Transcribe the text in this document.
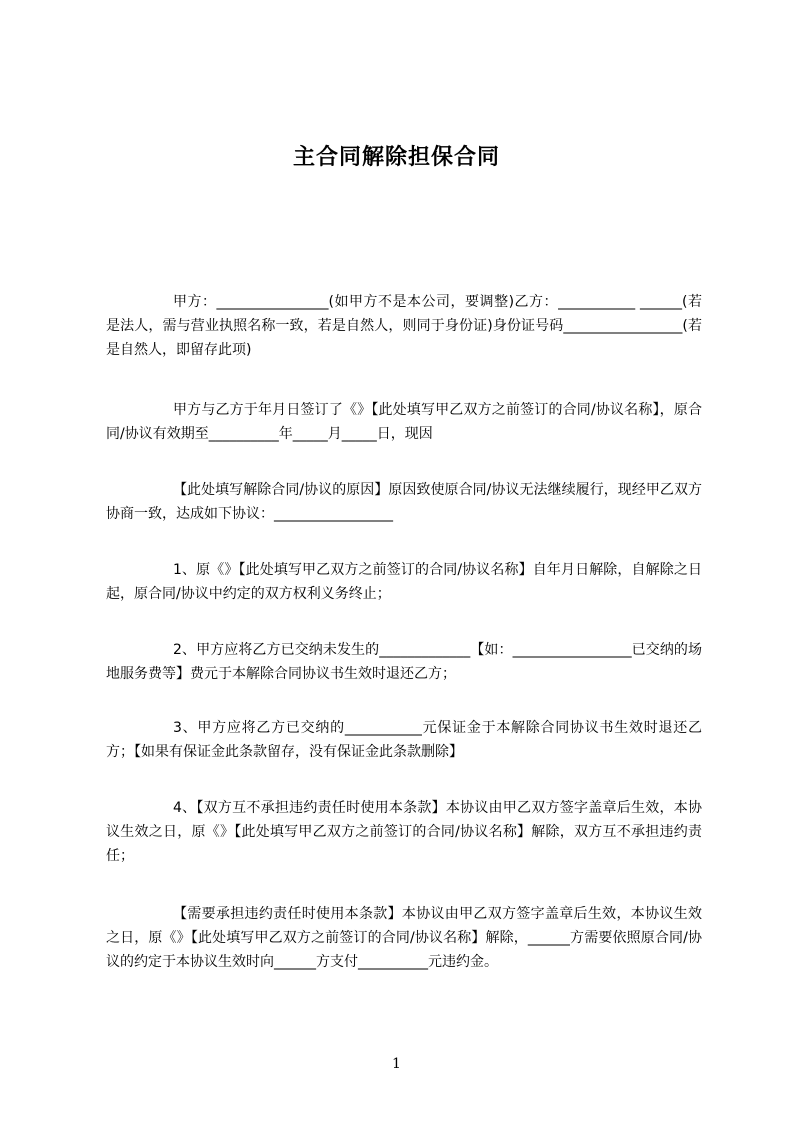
主合同解除担保合同

甲方：________________(如甲方不是本公司，要调整)乙方：___________ ______(若是法人，需与营业执照名称一致，若是自然人，则同于身份证)身份证号码_________________(若是自然人，即留存此项)

甲方与乙方于年月日签订了《》【此处填写甲乙双方之前签订的合同/协议名称】，原合同/协议有效期至__________年_____月_____日，现因

【此处填写解除合同/协议的原因】原因致使原合同/协议无法继续履行，现经甲乙双方协商一致，达成如下协议：_________________

1、原《》【此处填写甲乙双方之前签订的合同/协议名称】自年月日解除，自解除之日起，原合同/协议中约定的双方权利义务终止；

2、甲方应将乙方已交纳未发生的_____________【如：_________________已交纳的场地服务费等】费元于本解除合同协议书生效时退还乙方；

3、甲方应将乙方已交纳的___________元保证金于本解除合同协议书生效时退还乙方；【如果有保证金此条款留存，没有保证金此条款删除】

4、【双方互不承担违约责任时使用本条款】本协议由甲乙双方签字盖章后生效，本协议生效之日，原《》【此处填写甲乙双方之前签订的合同/协议名称】解除，双方互不承担违约责任；

【需要承担违约责任时使用本条款】本协议由甲乙双方签字盖章后生效，本协议生效之日，原《》【此处填写甲乙双方之前签订的合同/协议名称】解除，______方需要依照原合同/协议的约定于本协议生效时向______方支付__________元违约金。

1
